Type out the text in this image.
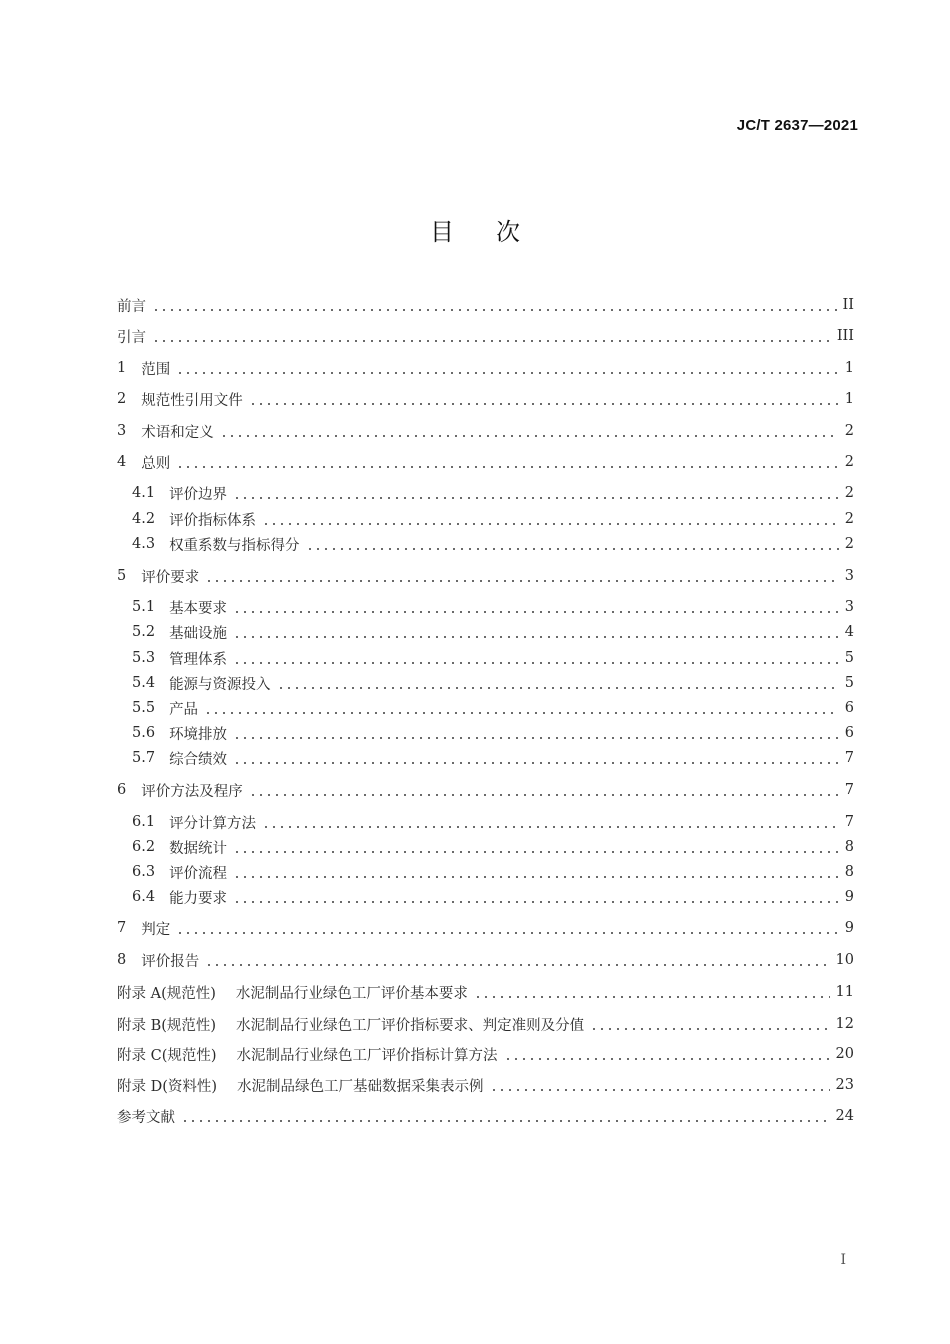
JC/T 2637—2021
目次
前言	II
引言	III
1 范围	1
2 规范性引用文件	1
3 术语和定义	2
4 总则	2
4.1 评价边界	2
4.2 评价指标体系	2
4.3 权重系数与指标得分	2
5 评价要求	3
5.1 基本要求	3
5.2 基础设施	4
5.3 管理体系	5
5.4 能源与资源投入	5
5.5 产品	6
5.6 环境排放	6
5.7 综合绩效	7
6 评价方法及程序	7
6.1 评分计算方法	7
6.2 数据统计	8
6.3 评价流程	8
6.4 能力要求	9
7 判定	9
8 评价报告	10
附录 A(规范性) 水泥制品行业绿色工厂评价基本要求	11
附录 B(规范性) 水泥制品行业绿色工厂评价指标要求、判定准则及分值	12
附录 C(规范性) 水泥制品行业绿色工厂评价指标计算方法	20
附录 D(资料性) 水泥制品绿色工厂基础数据采集表示例	23
参考文献	24
I
